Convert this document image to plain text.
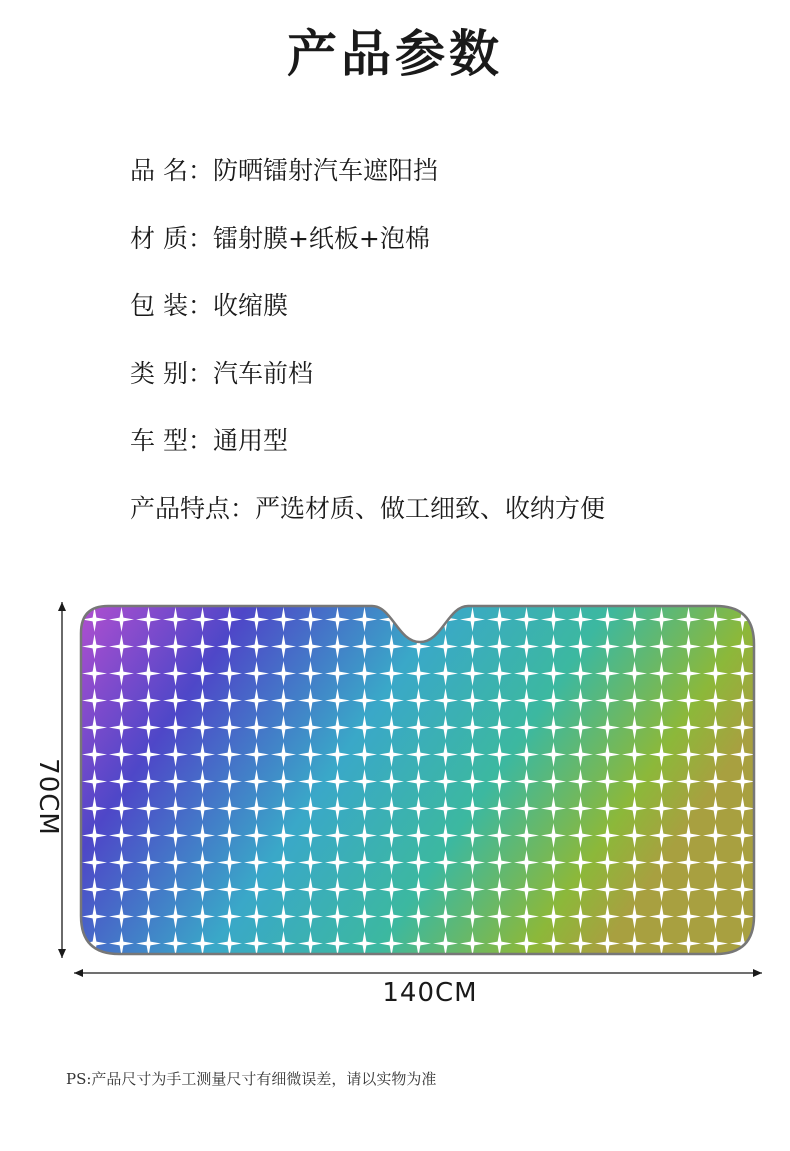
产品参数
品 名：防晒镭射汽车遮阳挡
材 质：镭射膜+纸板+泡棉
包 装：收缩膜
类 别：汽车前档
车 型：通用型
产品特点：严选材质、做工细致、收纳方便
140CM
70CM
PS:产品尺寸为手工测量尺寸有细微误差，请以实物为准
